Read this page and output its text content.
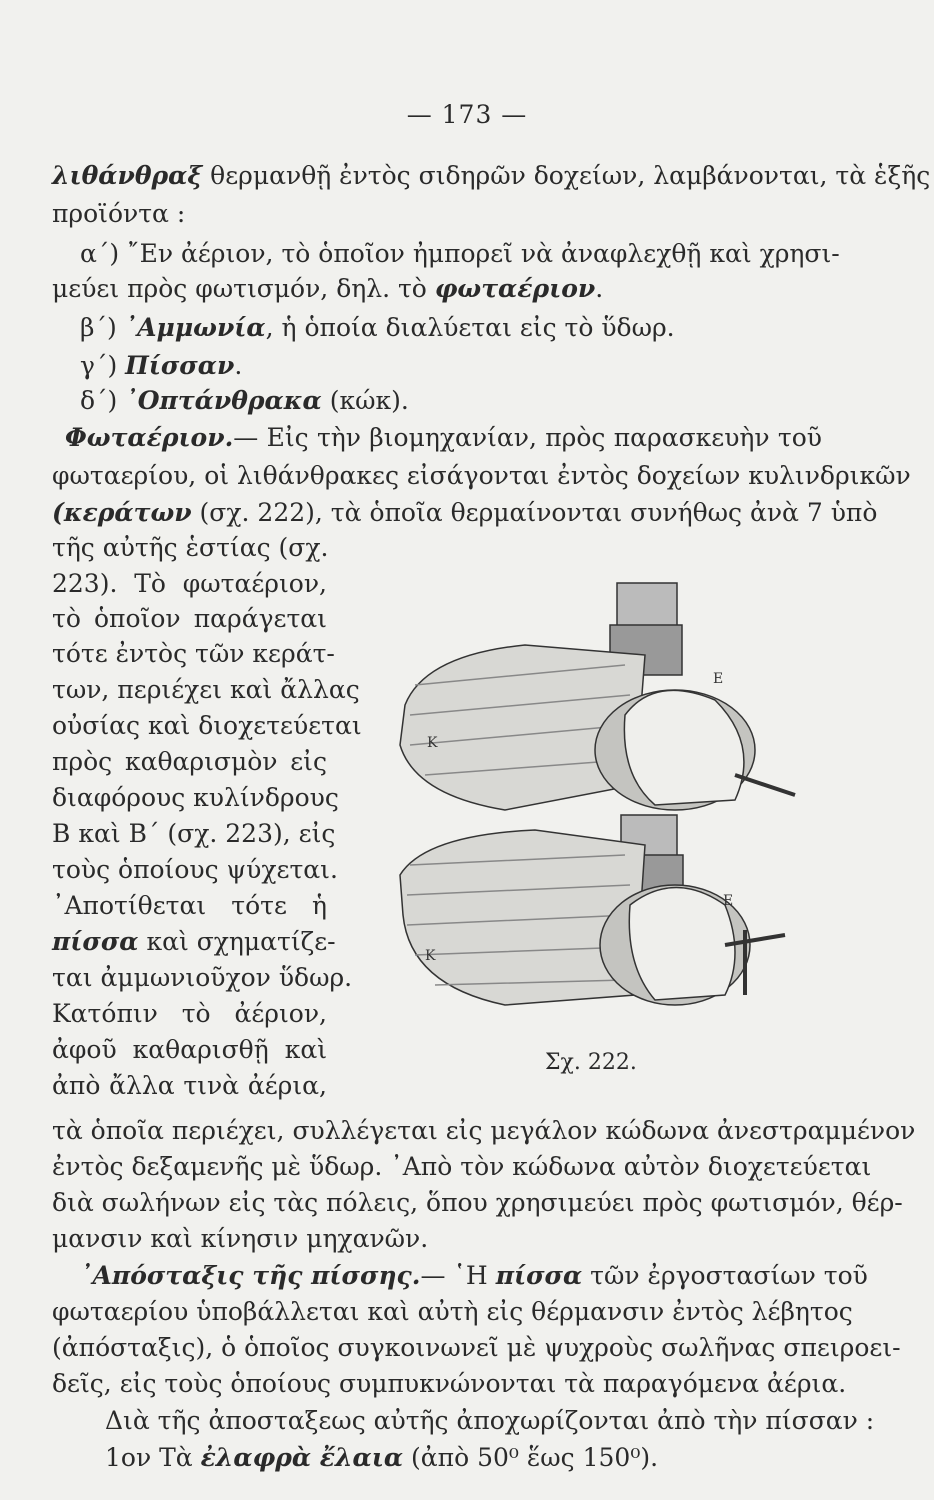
— 173 —
λιθάνθραξ θερμανθῇ ἐντὸς σιδηρῶν δοχείων, λαμβάνονται, τὰ ἑξῆς
προϊόντα :
α΄) ῎Εν ἀέριον, τὸ ὁποῖον ἠμπορεῖ νὰ ἀναφλεχθῇ καὶ χρησι-
μεύει πρὸς φωτισμόν, δηλ. τὸ φωταέριον.
β΄) ᾽Αμμωνία, ἡ ὁποία διαλύεται εἰς τὸ ὕδωρ.
γ΄) Πίσσαν.
δ΄) ᾽Οπτάνθρακα (κώκ).
Φωταέριον.— Εἰς τὴν βιομηχανίαν, πρὸς παρασκευὴν τοῦ
φωταερίου, οἱ λιθάνθρακες εἰσάγονται ἐντὸς δοχείων κυλινδρικῶν
(κεράτων (σχ. 222), τὰ ὁποῖα θερμαίνονται συνήθως ἀνὰ 7 ὑπὸ
τῆς αὐτῆς ἑστίας (σχ.
223). Τὸ φωταέριον,
τὸ ὁποῖον παράγεται
τότε ἐντὸς τῶν κεράτ-
των, περιέχει καὶ ἄλλας
οὐσίας καὶ διοχετεύεται
πρὸς καθαρισμὸν εἰς
διαφόρους κυλίνδρους
Β καὶ Β΄ (σχ. 223), εἰς
τοὺς ὁποίους ψύχεται.
᾽Αποτίθεται τότε ἡ
πίσσα καὶ σχηματίζε-
ται ἀμμωνιοῦχον ὕδωρ.
Κατόπιν τὸ ἀέριον,
ἀφοῦ καθαρισθῇ καὶ
ἀπὸ ἄλλα τινὰ ἀέρια,
τὰ ὁποῖα περιέχει, συλλέγεται εἰς μεγάλον κώδωνα ἀνεστραμμένον
ἐντὸς δεξαμενῆς μὲ ὕδωρ. ᾽Απὸ τὸν κώδωνα αὐτὸν διοχετεύεται
διὰ σωλήνων εἰς τὰς πόλεις, ὅπου χρησιμεύει πρὸς φωτισμόν, θέρ-
μανσιν καὶ κίνησιν μηχανῶν.
᾽Απόσταξις τῆς πίσσης.— ῾Η πίσσα τῶν ἐργοστασίων τοῦ
φωταερίου ὑποβάλλεται καὶ αὐτὴ εἰς θέρμανσιν ἐντὸς λέβητος
(ἀπόσταξις), ὁ ὁποῖος συγκοινωνεῖ μὲ ψυχροὺς σωλῆνας σπειροει-
δεῖς, εἰς τοὺς ὁποίους συμπυκνώνονται τὰ παραγόμενα ἀέρια.
Διὰ τῆς ἀποσταξεως αὐτῆς ἀποχωρίζονται ἀπὸ τὴν πίσσαν :
1ον Τὰ ἐλαφρὰ ἔλαια (ἀπὸ 50⁰ ἕως 150⁰).
Ε
Κ
Ε
Κ
Σχ. 222.
